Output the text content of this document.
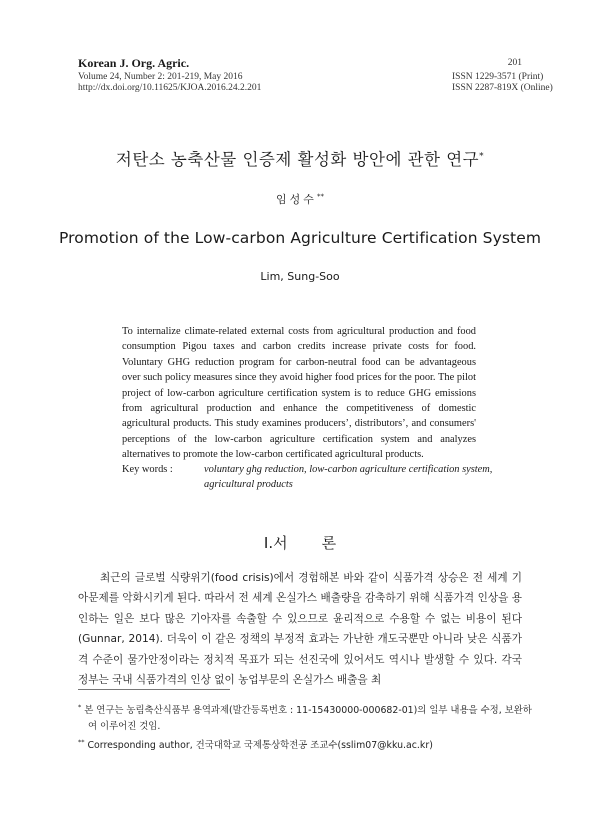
Korean J. Org. Agric.
Volume 24, Number 2: 201-219, May 2016
http://dx.doi.org/10.11625/KJOA.2016.24.2.201
201
ISSN 1229-3571 (Print)
ISSN 2287-819X (Online)
저탄소 농축산물 인증제 활성화 방안에 관한 연구*
임성수**
Promotion of the Low-carbon Agriculture Certification System
Lim, Sung-Soo
To internalize climate-related external costs from agricultural production and food consumption Pigou taxes and carbon credits increase private costs for food. Voluntary GHG reduction program for carbon-neutral food can be advantageous over such policy measures since they avoid higher food prices for the poor. The pilot project of low-carbon agriculture certification system is to reduce GHG emissions from agricultural production and enhance the competitiveness of domestic agricultural products. This study examines producers’, distributors’, and consumers' perceptions of the low-carbon agriculture certification system and analyzes alternatives to promote the low-carbon certificated agricultural products.
Key words :	voluntary ghg reduction, low-carbon agriculture certification system, agricultural products
Ⅰ.서 론
최근의 글로벌 식량위기(food crisis)에서 경험해본 바와 같이 식품가격 상승은 전 세계 기아문제를 악화시키게 된다. 따라서 전 세계 온실가스 배출량을 감축하기 위해 식품가격 인상을 용인하는 일은 보다 많은 기아자를 속출할 수 있으므로 윤리적으로 수용할 수 없는 비용이 된다(Gunnar, 2014). 더욱이 이 같은 정책의 부정적 효과는 가난한 개도국뿐만 아니라 낮은 식품가격 수준이 물가안정이라는 정치적 목표가 되는 선진국에 있어서도 역시나 발생할 수 있다. 각국 정부는 국내 식품가격의 인상 없이 농업부문의 온실가스 배출을 최
* 본 연구는 농림축산식품부 용역과제(발간등록번호 : 11-15430000-000682-01)의 일부 내용을 수정, 보완하여 이루어진 것임.
** Corresponding author, 건국대학교 국제통상학전공 조교수(sslim07@kku.ac.kr)
